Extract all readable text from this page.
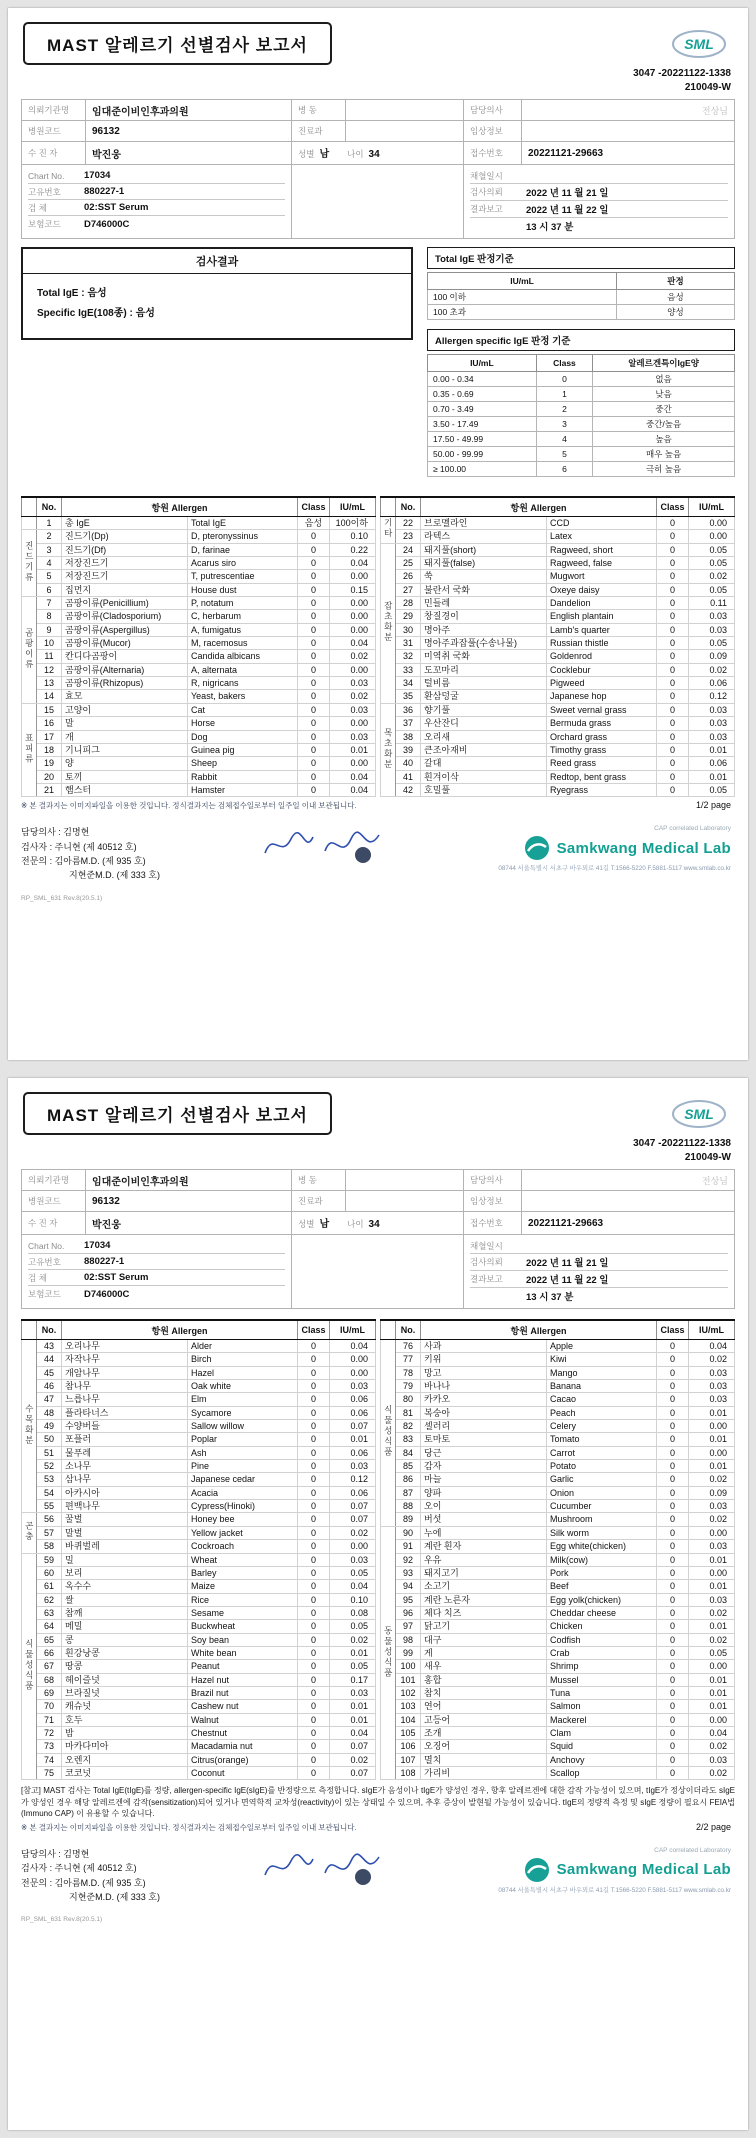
MAST 알레르기 선별검사 보고서	SML
3047 -20221122-1338
210049-W
의뢰기관명	임대준이비인후과의원	병 동		담당의사	전상님
병원코드	96132	진료과		임상정보	
수 진 자	박진웅	성별 남 나이 34		접수번호	20221121-29663

Chart No.	17034
고유번호	880227-1
검 체	02:SST Serum
보험코드	D746000C

채혈일시
검사의뢰	2022 년 11 월 21 일
결과보고	2022 년 11 월 22 일
13 시 37 분
검사결과
Total IgE : 음성
Specific IgE(108종) : 음성
Total IgE 판정기준
IU/mL	판정
100 이하	음성
100 초과	양성
Allergen specific IgE 판정 기준
IU/mL	Class	알레르겐특이IgE양
0.00 - 0.34	0	없음
0.35 - 0.69	1	낮음
0.70 - 3.49	2	중간
3.50 - 17.49	3	중간/높음
17.50 - 49.99	4	높음
50.00 - 99.99	5	매우 높음
≥ 100.00	6	극히 높음
	No.	항원 Allergen		Class	IU/mL
	1	총 IgE	Total IgE	음성	100이하
진드기류	2	진드기(Dp)	D, pteronyssinus	0	0.10
	3	진드기(Df)	D, farinae	0	0.22
	4	저장진드기	Acarus siro	0	0.04
	5	저장진드기	T, putrescentiae	0	0.00
	6	집먼지	House dust	0	0.15
곰팡이류	7	곰팡이류(Penicillium)	P, notatum	0	0.00
	8	곰팡이류(Cladosporium)	C, herbarum	0	0.00
	9	곰팡이류(Aspergillus)	A, fumigatus	0	0.00
	10	곰팡이류(Mucor)	M, racemosus	0	0.04
	11	칸디다곰팡이	Candida albicans	0	0.02
	12	곰팡이류(Alternaria)	A, alternata	0	0.00
	13	곰팡이류(Rhizopus)	R, nigricans	0	0.03
	14	효모	Yeast, bakers	0	0.02
표피류	15	고양이	Cat	0	0.03
	16	말	Horse	0	0.00
	17	개	Dog	0	0.03
	18	기니피그	Guinea pig	0	0.01
	19	양	Sheep	0	0.00
	20	토끼	Rabbit	0	0.04
	21	햄스터	Hamster	0	0.04
	No.	항원 Allergen		Class	IU/mL
기타	22	브로멜라인	CCD	0	0.00
	23	라텍스	Latex	0	0.00
잡초화분	24	돼지풀(short)	Ragweed, short	0	0.05
	25	돼지풀(false)	Ragweed, false	0	0.05
	26	쑥	Mugwort	0	0.02
	27	불란서 국화	Oxeye daisy	0	0.05
	28	민들레	Dandelion	0	0.11
	29	창질경이	English plantain	0	0.03
	30	명아주	Lamb's quarter	0	0.03
	31	명아주과잡풀(수송나물)	Russian thistle	0	0.05
	32	미역취 국화	Goldenrod	0	0.09
	33	도꼬마리	Cocklebur	0	0.02
	34	털비름	Pigweed	0	0.06
	35	환삼덩굴	Japanese hop	0	0.12
목초화분	36	향기풀	Sweet vernal grass	0	0.03
	37	우산잔디	Bermuda grass	0	0.03
	38	오리새	Orchard grass	0	0.03
	39	큰조아재비	Timothy grass	0	0.01
	40	갈대	Reed grass	0	0.06
	41	흰겨이삭	Redtop, bent grass	0	0.01
	42	호밀풀	Ryegrass	0	0.05
※ 본 결과지는 이미지파일을 이용한 것입니다. 정식결과지는 검체접수일로부터 일주일 이내 보관됩니다.	1/2 page
담당의사 : 김명현
검사자 : 주니현 (제 40512 호)
전문의 : 김아름M.D. (제 935 호)
지현준M.D. (제 333 호)
CAP correlated Laboratory
Samkwang Medical Lab
08744 서울특별시 서초구 바우뫼로 41길 T.1566-5220 F.5881-5117 www.smlab.co.kr
RP_SML_631 Rev.8(20.5.1)
MAST 알레르기 선별검사 보고서	SML
3047 -20221122-1338
210049-W
의뢰기관명	임대준이비인후과의원	병 동		담당의사	전상님
병원코드	96132	진료과		임상정보	
수 진 자	박진웅	성별 남 나이 34		접수번호	20221121-29663

Chart No.	17034
고유번호	880227-1
검 체	02:SST Serum
보험코드	D746000C

채혈일시
검사의뢰	2022 년 11 월 21 일
결과보고	2022 년 11 월 22 일
13 시 37 분
	No.	항원 Allergen		Class	IU/mL
수목화분	43	오리나무	Alder	0	0.04
	44	자작나무	Birch	0	0.00
	45	개암나무	Hazel	0	0.00
	46	참나무	Oak white	0	0.03
	47	느릅나무	Elm	0	0.06
	48	플라타너스	Sycamore	0	0.06
	49	수양버들	Sallow willow	0	0.07
	50	포플러	Poplar	0	0.01
	51	물푸레	Ash	0	0.06
	52	소나무	Pine	0	0.03
	53	삼나무	Japanese cedar	0	0.12
	54	아카시아	Acacia	0	0.06
	55	편백나무	Cypress(Hinoki)	0	0.07
곤충	56	꿀벌	Honey bee	0	0.07
	57	말벌	Yellow jacket	0	0.02
	58	바퀴벌레	Cockroach	0	0.00
식물성식품	59	밀	Wheat	0	0.03
	60	보리	Barley	0	0.05
	61	옥수수	Maize	0	0.04
	62	쌀	Rice	0	0.10
	63	참깨	Sesame	0	0.08
	64	메밀	Buckwheat	0	0.05
	65	콩	Soy bean	0	0.02
	66	흰강낭콩	White bean	0	0.01
	67	땅콩	Peanut	0	0.05
	68	헤이즐넛	Hazel nut	0	0.17
	69	브라질넛	Brazil nut	0	0.03
	70	캐슈넛	Cashew nut	0	0.01
	71	호두	Walnut	0	0.01
	72	밤	Chestnut	0	0.04
	73	마카다미아	Macadamia nut	0	0.07
	74	오렌지	Citrus(orange)	0	0.02
	75	코코넛	Coconut	0	0.07
	No.	항원 Allergen		Class	IU/mL
식물성식품	76	사과	Apple	0	0.04
	77	키위	Kiwi	0	0.02
	78	망고	Mango	0	0.03
	79	바나나	Banana	0	0.03
	80	카카오	Cacao	0	0.03
	81	복숭아	Peach	0	0.01
	82	셀러리	Celery	0	0.00
	83	토마토	Tomato	0	0.01
	84	당근	Carrot	0	0.00
	85	감자	Potato	0	0.01
	86	마늘	Garlic	0	0.02
	87	양파	Onion	0	0.09
	88	오이	Cucumber	0	0.03
	89	버섯	Mushroom	0	0.02
동물성식품	90	누에	Silk worm	0	0.00
	91	계란 흰자	Egg white(chicken)	0	0.03
	92	우유	Milk(cow)	0	0.01
	93	돼지고기	Pork	0	0.00
	94	소고기	Beef	0	0.01
	95	계란 노른자	Egg yolk(chicken)	0	0.03
	96	체다 치즈	Cheddar cheese	0	0.02
	97	닭고기	Chicken	0	0.01
	98	대구	Codfish	0	0.02
	99	게	Crab	0	0.05
	100	새우	Shrimp	0	0.00
	101	홍합	Mussel	0	0.01
	102	참치	Tuna	0	0.01
	103	연어	Salmon	0	0.01
	104	고등어	Mackerel	0	0.00
	105	조개	Clam	0	0.04
	106	오징어	Squid	0	0.02
	107	멸치	Anchovy	0	0.03
	108	가리비	Scallop	0	0.02
[참고] MAST 검사는 Total IgE(tIgE)를 정량, allergen-specific IgE(sIgE)를 반정량으로 측정합니다. sIgE가 음성이나 tIgE가 양성인 경우, 향후 알레르겐에 대한 감작 가능성이 있으며, tIgE가 정상이더라도 sIgE가 양성인 경우 해당 알레르겐에 감작(sensitization)되어 있거나 면역학적 교차성(reactivity)이 있는 상태일 수 있으며, 추후 증상이 발현될 가능성이 있습니다. tIgE의 정량적 측정 및 sIgE 정량이 필요시 FEIA법(Immuno CAP) 이 유용할 수 있습니다.
※ 본 결과지는 이미지파일을 이용한 것입니다. 정식결과지는 검체접수일로부터 일주일 이내 보관됩니다.	2/2 page
담당의사 : 김명현
검사자 : 주니현 (제 40512 호)
전문의 : 김아름M.D. (제 935 호)
지현준M.D. (제 333 호)
CAP correlated Laboratory
Samkwang Medical Lab
08744 서울특별시 서초구 바우뫼로 41길 T.1566-5220 F.5881-5117 www.smlab.co.kr
RP_SML_631 Rev.8(20.5.1)
